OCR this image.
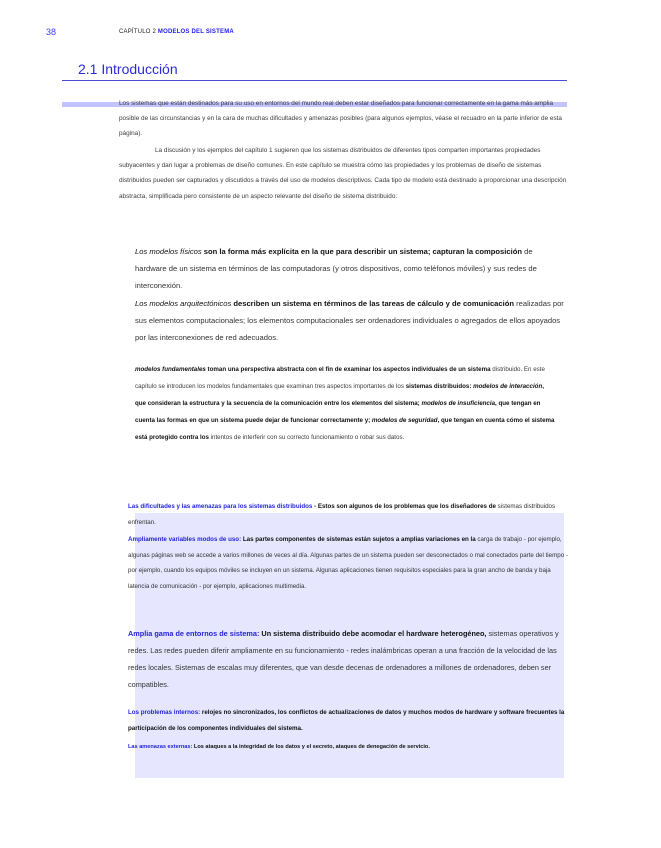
38	CAPÍTULO 2 MODELOS DEL SISTEMA
2.1 Introducción
Los sistemas que están destinados para su uso en entornos del mundo real deben estar diseñados para funcionar correctamente en la gama más amplia posible de las circunstancias y en la cara de muchas dificultades y amenazas posibles (para algunos ejemplos, véase el recuadro en la parte inferior de esta página).
La discusión y los ejemplos del capítulo 1 sugieren que los sistemas distribuidos de diferentes tipos comparten importantes propiedades subyacentes y dan lugar a problemas de diseño comunes. En este capítulo se muestra cómo las propiedades y los problemas de diseño de sistemas distribuidos pueden ser capturados y discutidos a través del uso de modelos descriptivos. Cada tipo de modelo está destinado a proporcionar una descripción abstracta, simplificada pero consistente de un aspecto relevante del diseño de sistema distribuido:
Los modelos físicos son la forma más explícita en la que para describir un sistema; capturan la composición de hardware de un sistema en términos de las computadoras (y otros dispositivos, como teléfonos móviles) y sus redes de interconexión.
Los modelos arquitectónicos describen un sistema en términos de las tareas de cálculo y de comunicación realizadas por sus elementos computacionales; los elementos computacionales ser ordenadores individuales o agregados de ellos apoyados por las interconexiones de red adecuados.
modelos fundamentales toman una perspectiva abstracta con el fin de examinar los aspectos individuales de un sistema distribuido. En este capítulo se introducen los modelos fundamentales que examinan tres aspectos importantes de los sistemas distribuidos: modelos de interacción, que consideran la estructura y la secuencia de la comunicación entre los elementos del sistema; modelos de insuficiencia, que tengan en cuenta las formas en que un sistema puede dejar de funcionar correctamente y; modelos de seguridad, que tengan en cuenta cómo el sistema está protegido contra los intentos de interferir con su correcto funcionamiento o robar sus datos.
Las dificultades y las amenazas para los sistemas distribuidos - Estos son algunos de los problemas que los diseñadores de sistemas distribuidos enfrentan.
Ampliamente variables modos de uso: Las partes componentes de sistemas están sujetos a amplias variaciones en la carga de trabajo - por ejemplo, algunas páginas web se accede a varios millones de veces al día. Algunas partes de un sistema pueden ser desconectados o mal conectados parte del tiempo - por ejemplo, cuando los equipos móviles se incluyen en un sistema. Algunas aplicaciones tienen requisitos especiales para la gran ancho de banda y baja latencia de comunicación - por ejemplo, aplicaciones multimedia.
Amplia gama de entornos de sistema: Un sistema distribuido debe acomodar el hardware heterogéneo, sistemas operativos y redes. Las redes pueden diferir ampliamente en su funcionamiento - redes inalámbricas operan a una fracción de la velocidad de las redes locales. Sistemas de escalas muy diferentes, que van desde decenas de ordenadores a millones de ordenadores, deben ser compatibles.
Los problemas internos: relojes no sincronizados, los conflictos de actualizaciones de datos y muchos modos de hardware y software frecuentes la participación de los componentes individuales del sistema.
Las amenazas externas: Los ataques a la integridad de los datos y el secreto, ataques de denegación de servicio.
